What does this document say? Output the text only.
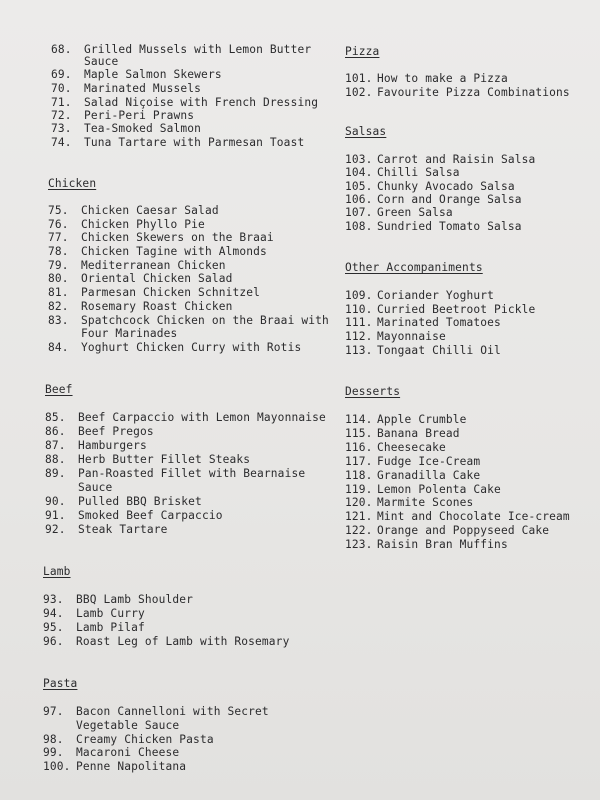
68. Grilled Mussels with Lemon Butter
Sauce
69. Maple Salmon Skewers
70. Marinated Mussels
71. Salad Niçoise with French Dressing
72. Peri-Peri Prawns
73. Tea-Smoked Salmon
74. Tuna Tartare with Parmesan Toast
Chicken
75. Chicken Caesar Salad
76. Chicken Phyllo Pie
77. Chicken Skewers on the Braai
78. Chicken Tagine with Almonds
79. Mediterranean Chicken
80. Oriental Chicken Salad
81. Parmesan Chicken Schnitzel
82. Rosemary Roast Chicken
83. Spatchcock Chicken on the Braai with
Four Marinades
84. Yoghurt Chicken Curry with Rotis
Beef
85. Beef Carpaccio with Lemon Mayonnaise
86. Beef Pregos
87. Hamburgers
88. Herb Butter Fillet Steaks
89. Pan-Roasted Fillet with Bearnaise
Sauce
90. Pulled BBQ Brisket
91. Smoked Beef Carpaccio
92. Steak Tartare
Lamb
93. BBQ Lamb Shoulder
94. Lamb Curry
95. Lamb Pilaf
96. Roast Leg of Lamb with Rosemary
Pasta
97. Bacon Cannelloni with Secret
Vegetable Sauce
98. Creamy Chicken Pasta
99. Macaroni Cheese
100. Penne Napolitana
Pizza
101. How to make a Pizza
102. Favourite Pizza Combinations
Salsas
103. Carrot and Raisin Salsa
104. Chilli Salsa
105. Chunky Avocado Salsa
106. Corn and Orange Salsa
107. Green Salsa
108. Sundried Tomato Salsa
Other Accompaniments
109. Coriander Yoghurt
110. Curried Beetroot Pickle
111. Marinated Tomatoes
112. Mayonnaise
113. Tongaat Chilli Oil
Desserts
114. Apple Crumble
115. Banana Bread
116. Cheesecake
117. Fudge Ice-Cream
118. Granadilla Cake
119. Lemon Polenta Cake
120. Marmite Scones
121. Mint and Chocolate Ice-cream
122. Orange and Poppyseed Cake
123. Raisin Bran Muffins
